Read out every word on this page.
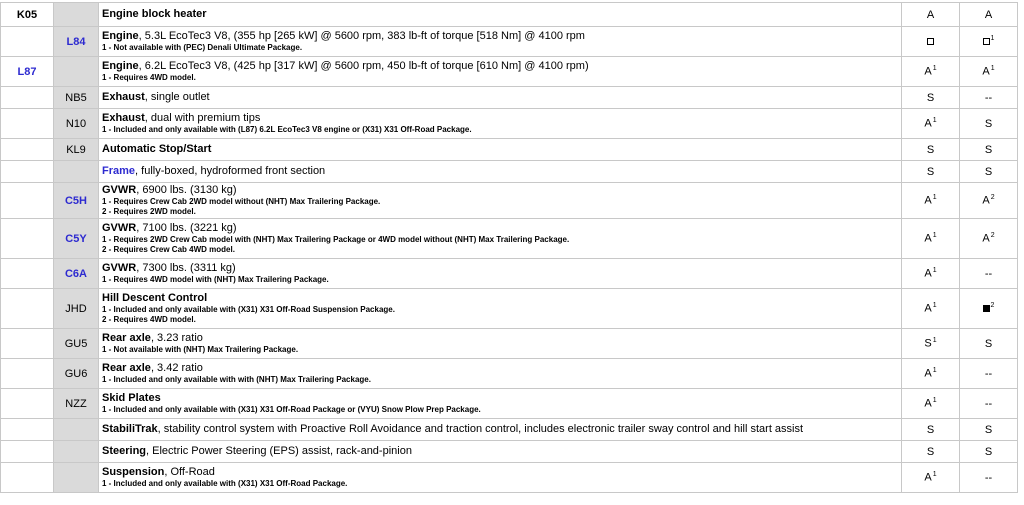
K05		Engine block heater	A	A
	L84	Engine, 5.3L EcoTec3 V8, (355 hp [265 kW] @ 5600 rpm, 383 lb-ft of torque [518 Nm] @ 4100 rpm
1 - Not available with (PEC) Denali Ultimate Package.		$^1$
L87		Engine, 6.2L EcoTec3 V8, (425 hp [317 kW] @ 5600 rpm, 450 lb-ft of torque [610 Nm] @ 4100 rpm)
1 - Requires 4WD model.	$A^1$	$A^1$
	NB5	Exhaust, single outlet	S	--
	N10	Exhaust, dual with premium tips
1 - Included and only available with (L87) 6.2L EcoTec3 V8 engine or (X31) X31 Off-Road Package.	$A^1$	S
	KL9	Automatic Stop/Start	S	S

		Frame, fully-boxed, hydroformed front section	S	S
	C5H	GVWR, 6900 lbs. (3130 kg)
1 - Requires Crew Cab 2WD model without (NHT) Max Trailering Package.
2 - Requires 2WD model.	$A^1$	$A^2$
	C5Y	GVWR, 7100 lbs. (3221 kg)
1 - Requires 2WD Crew Cab model with (NHT) Max Trailering Package or 4WD model without (NHT) Max Trailering Package.
2 - Requires Crew Cab 4WD model.	$A^1$	$A^2$
	C6A	GVWR, 7300 lbs. (3311 kg)
1 - Requires 4WD model with (NHT) Max Trailering Package.	$A^1$	--
	JHD	Hill Descent Control
1 - Included and only available with (X31) X31 Off-Road Suspension Package.
2 - Requires 4WD model.	$A^1$	$^2$
	GU5	Rear axle, 3.23 ratio
1 - Not available with (NHT) Max Trailering Package.	$S^1$	S
	GU6	Rear axle, 3.42 ratio
1 - Included and only available with with (NHT) Max Trailering Package.	$A^1$	--
	NZZ	Skid Plates
1 - Included and only available with (X31) X31 Off-Road Package or (VYU) Snow Plow Prep Package.	$A^1$	--

		StabiliTrak, stability control system with Proactive Roll Avoidance and traction control, includes electronic trailer sway control and hill start assist	S	S

		Steering, Electric Power Steering (EPS) assist, rack-and-pinion	S	S

		Suspension, Off-Road
1 - Included and only available with (X31) X31 Off-Road Package.	$A^1$	--
